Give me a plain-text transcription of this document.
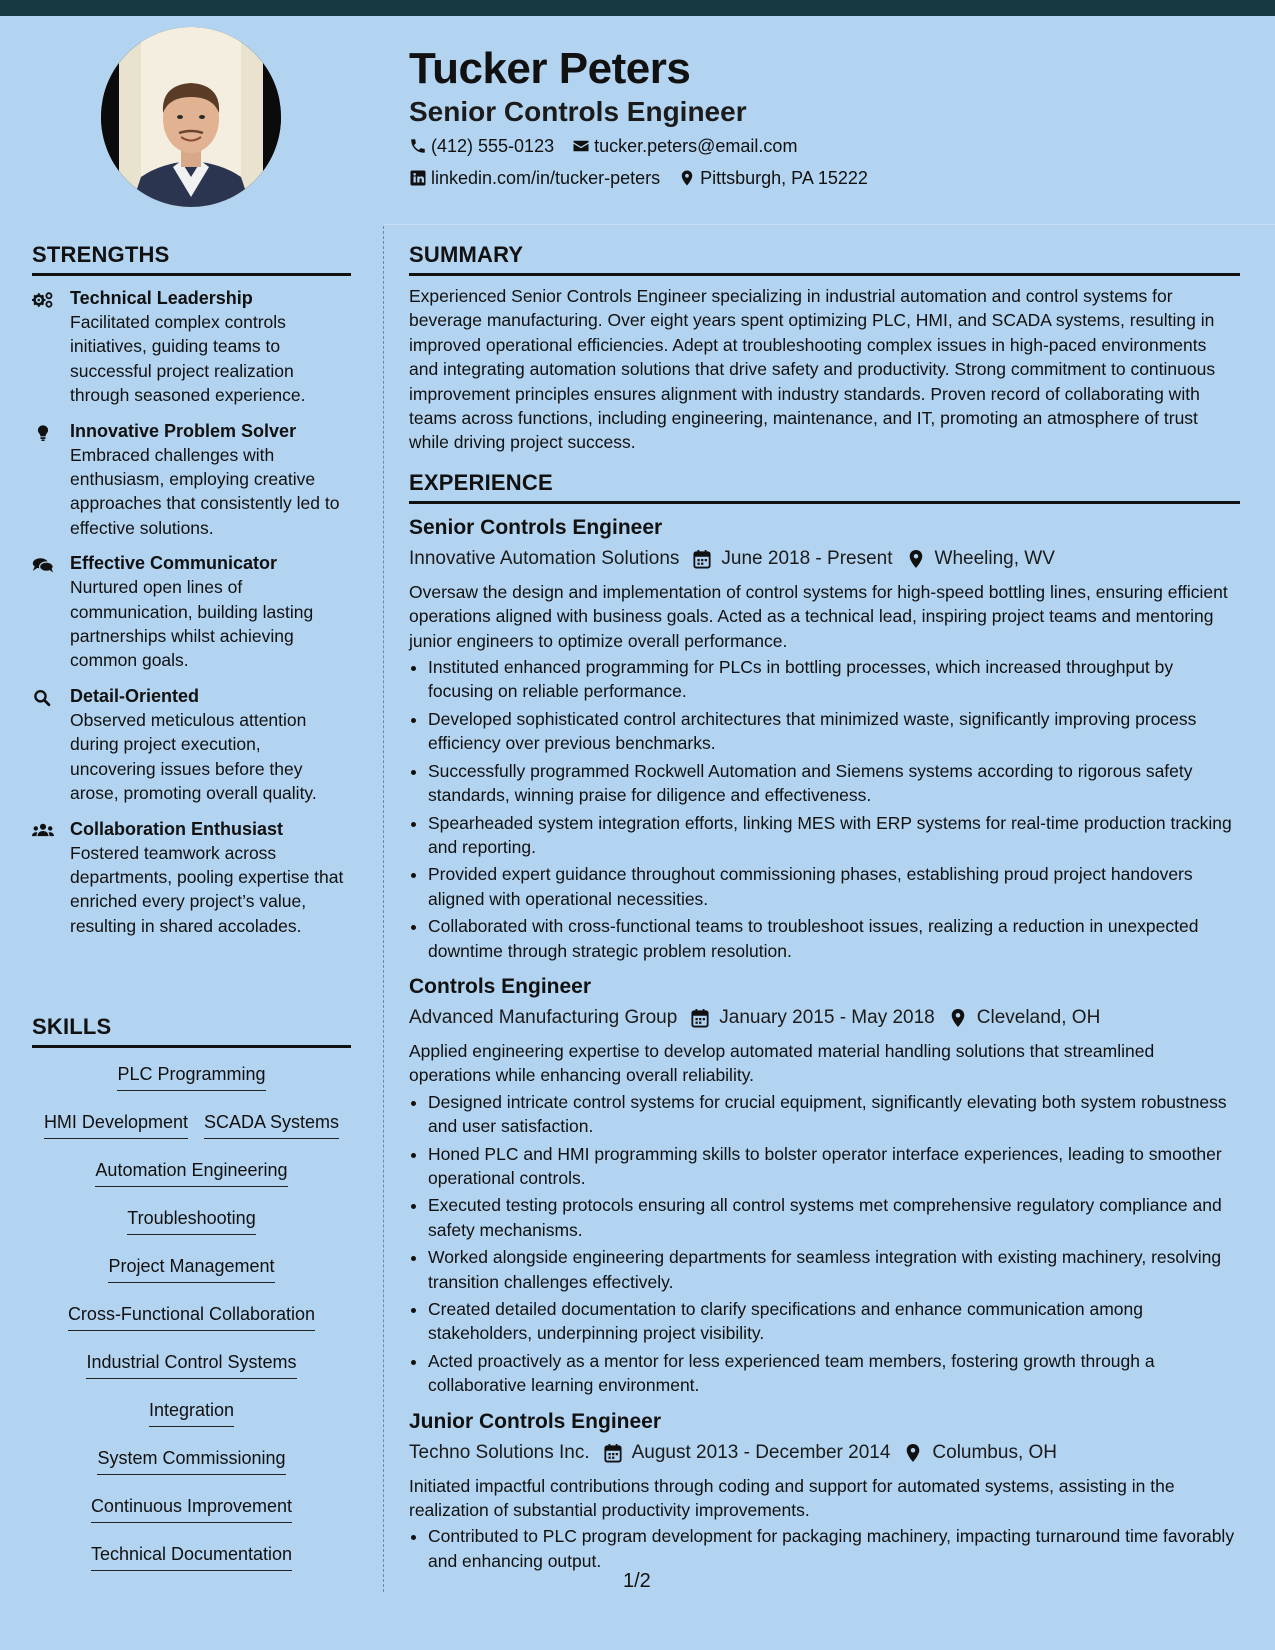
Tucker Peters
Senior Controls Engineer
(412) 555-0123 tucker.peters@email.com
linkedin.com/in/tucker-peters Pittsburgh, PA 15222
STRENGTHS
Technical Leadership
Facilitated complex controls initiatives, guiding teams to successful project realization through seasoned experience.
Innovative Problem Solver
Embraced challenges with enthusiasm, employing creative approaches that consistently led to effective solutions.
Effective Communicator
Nurtured open lines of communication, building lasting partnerships whilst achieving common goals.
Detail-Oriented
Observed meticulous attention during project execution, uncovering issues before they arose, promoting overall quality.
Collaboration Enthusiast
Fostered teamwork across departments, pooling expertise that enriched every project’s value, resulting in shared accolades.
SKILLS
PLC Programming
HMI Development SCADA Systems
Automation Engineering
Troubleshooting
Project Management
Cross-Functional Collaboration
Industrial Control Systems
Integration
System Commissioning
Continuous Improvement
Technical Documentation
SUMMARY

Experienced Senior Controls Engineer specializing in industrial automation and control systems for beverage manufacturing. Over eight years spent optimizing PLC, HMI, and SCADA systems, resulting in improved operational efficiencies. Adept at troubleshooting complex issues in high-paced environments and integrating automation solutions that drive safety and productivity. Strong commitment to continuous improvement principles ensures alignment with industry standards. Proven record of collaborating with teams across functions, including engineering, maintenance, and IT, promoting an atmosphere of trust while driving project success.

EXPERIENCE
Senior Controls Engineer
Innovative Automation Solutions June 2018 - Present Wheeling, WV

Oversaw the design and implementation of control systems for high-speed bottling lines, ensuring efficient operations aligned with business goals. Acted as a technical lead, inspiring project teams and mentoring junior engineers to optimize overall performance.

• Instituted enhanced programming for PLCs in bottling processes, which increased throughput by focusing on reliable performance.
• Developed sophisticated control architectures that minimized waste, significantly improving process efficiency over previous benchmarks.
• Successfully programmed Rockwell Automation and Siemens systems according to rigorous safety standards, winning praise for diligence and effectiveness.
• Spearheaded system integration efforts, linking MES with ERP systems for real-time production tracking and reporting.
• Provided expert guidance throughout commissioning phases, establishing proud project handovers aligned with operational necessities.
• Collaborated with cross-functional teams to troubleshoot issues, realizing a reduction in unexpected downtime through strategic problem resolution.
Controls Engineer
Advanced Manufacturing Group January 2015 - May 2018 Cleveland, OH

Applied engineering expertise to develop automated material handling solutions that streamlined operations while enhancing overall reliability.

• Designed intricate control systems for crucial equipment, significantly elevating both system robustness and user satisfaction.
• Honed PLC and HMI programming skills to bolster operator interface experiences, leading to smoother operational controls.
• Executed testing protocols ensuring all control systems met comprehensive regulatory compliance and safety mechanisms.
• Worked alongside engineering departments for seamless integration with existing machinery, resolving transition challenges effectively.
• Created detailed documentation to clarify specifications and enhance communication among stakeholders, underpinning project visibility.
• Acted proactively as a mentor for less experienced team members, fostering growth through a collaborative learning environment.
Junior Controls Engineer
Techno Solutions Inc. August 2013 - December 2014 Columbus, OH

Initiated impactful contributions through coding and support for automated systems, assisting in the realization of substantial productivity improvements.

• Contributed to PLC program development for packaging machinery, impacting turnaround time favorably and enhancing output.
1/2
